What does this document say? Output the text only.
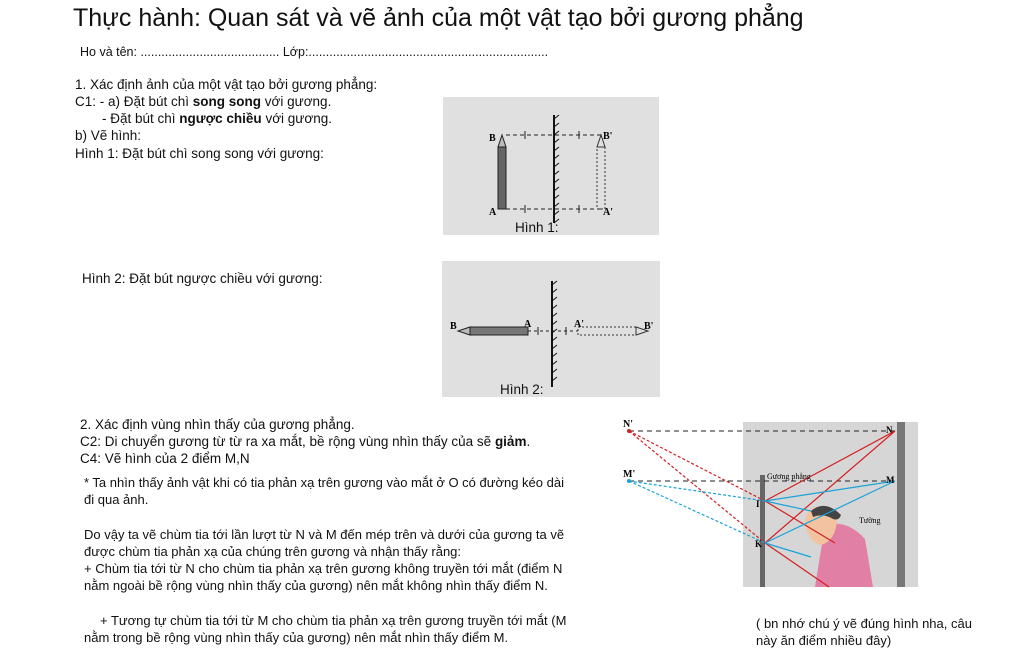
Thực hành: Quan sát và vẽ ảnh của một vật tạo bởi gương phẳng
Ho và tên: ........................................ Lớp:.....................................................................
1. Xác định ảnh của một vật tạo bởi gương phẳng:
C1: - a) Đặt bút chì song song với gương.
- Đặt bút chì ngược chiều với gương.
b) Vẽ hình:
Hình 1: Đặt bút chì song song với gương:
Hình 2: Đặt bút ngược chiều với gương:
B	B'
A	A'
Hình 1:
B	A	A'	B'
Hình 2:
2. Xác định vùng nhìn thấy của gương phẳng.
C2: Di chuyển gương từ từ ra xa mắt, bề rộng vùng nhìn thấy của sẽ giảm.
C4: Vẽ hình của 2 điểm M,N
* Ta nhìn thấy ảnh vật khi có tia phản xạ trên gương vào mắt ở O có đường kéo dài
đi qua ảnh.
Do vậy ta vẽ chùm tia tới lần lượt từ N và M đến mép trên và dưới của gương ta vẽ
được chùm tia phản xạ của chúng trên gương và nhận thấy rằng:
+ Chùm tia tới từ N cho chùm tia phản xạ trên gương không truyền tới mắt (điểm N
nằm ngoài bề rộng vùng nhìn thấy của gương) nên mắt không nhìn thấy điểm N.
+ Tương tự chùm tia tới từ M cho chùm tia phản xạ trên gương truyền tới mắt (M
nằm trong bề rộng vùng nhìn thấy của gương) nên mắt nhìn thấy điểm M.
N'
M'
N
M
I
K
Gương phẳng
Tường
( bn nhớ chú ý vẽ đúng hình nha, câu
này ăn điểm nhiều đây)
